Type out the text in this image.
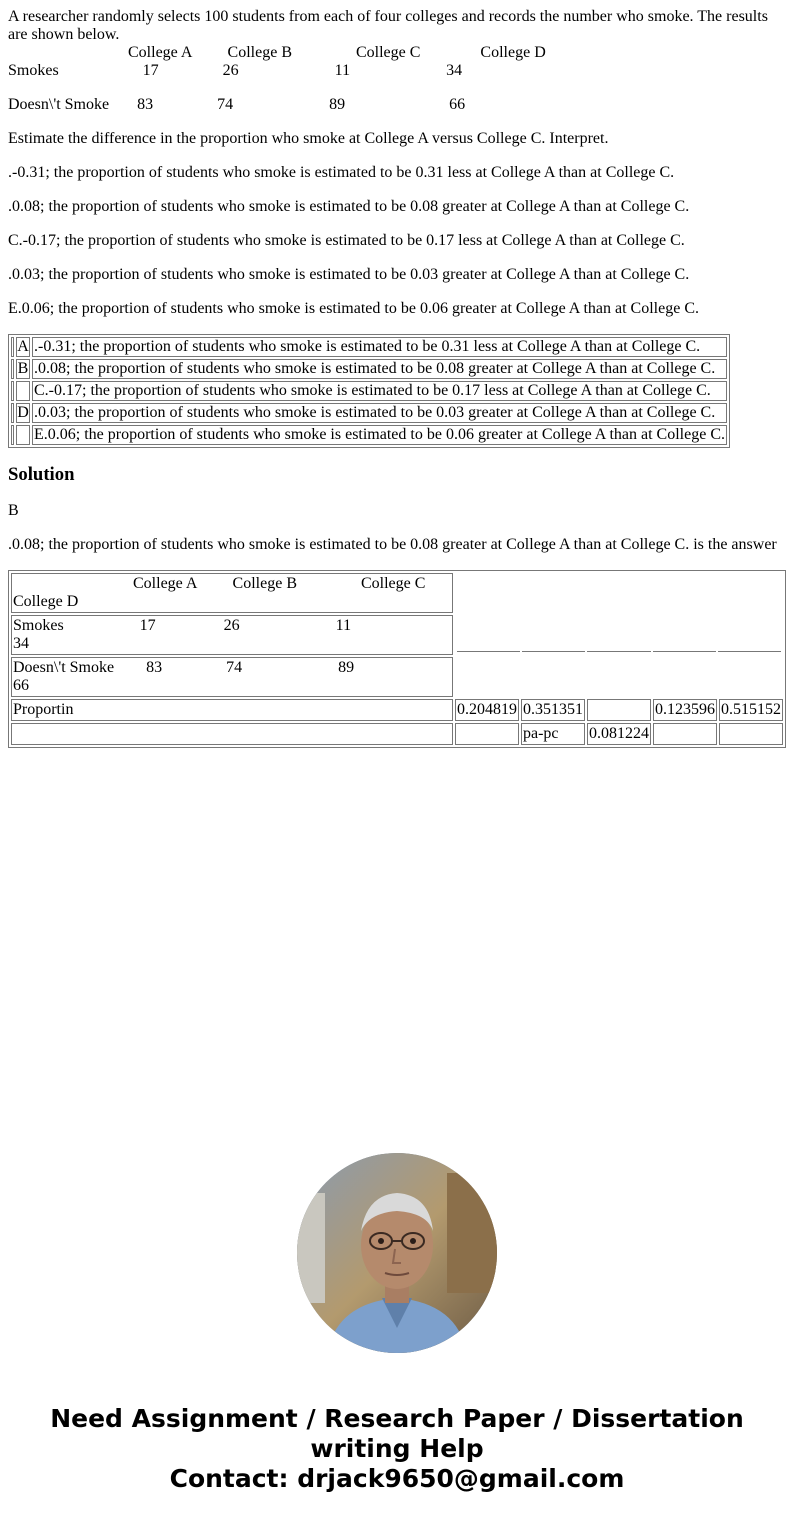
A researcher randomly selects 100 students from each of four colleges and records the number who smoke. The results are shown below.
College A         College B                College C               College D
Smokes                     17                26                        11                        34
Doesn\'t Smoke       83                74                        89                          66

Estimate the difference in the proportion who smoke at College A versus College C. Interpret.

.-0.31; the proportion of students who smoke is estimated to be 0.31 less at College A than at College C.

.0.08; the proportion of students who smoke is estimated to be 0.08 greater at College A than at College C.

C.-0.17; the proportion of students who smoke is estimated to be 0.17 less at College A than at College C.

.0.03; the proportion of students who smoke is estimated to be 0.03 greater at College A than at College C.

E.0.06; the proportion of students who smoke is estimated to be 0.06 greater at College A than at College C.

	A	.-0.31; the proportion of students who smoke is estimated to be 0.31 less at College A than at College C.
	B	.0.08; the proportion of students who smoke is estimated to be 0.08 greater at College A than at College C.
		C.-0.17; the proportion of students who smoke is estimated to be 0.17 less at College A than at College C.
	D	.0.03; the proportion of students who smoke is estimated to be 0.03 greater at College A than at College C.
		E.0.06; the proportion of students who smoke is estimated to be 0.06 greater at College A than at College C.
Solution

B

.0.08; the proportion of students who smoke is estimated to be 0.08 greater at College A than at College C. is the answer

College A         College B                College C               College D	

Smokes                   17                 26                        11                       34
Doesn\'t Smoke        83                74                        89                       66
Proportin	0.204819	0.351351		0.123596	0.515152
		pa-pc	0.081224		
Need Assignment / Research Paper / Dissertation writing Help
Contact: drjack9650@gmail.com
